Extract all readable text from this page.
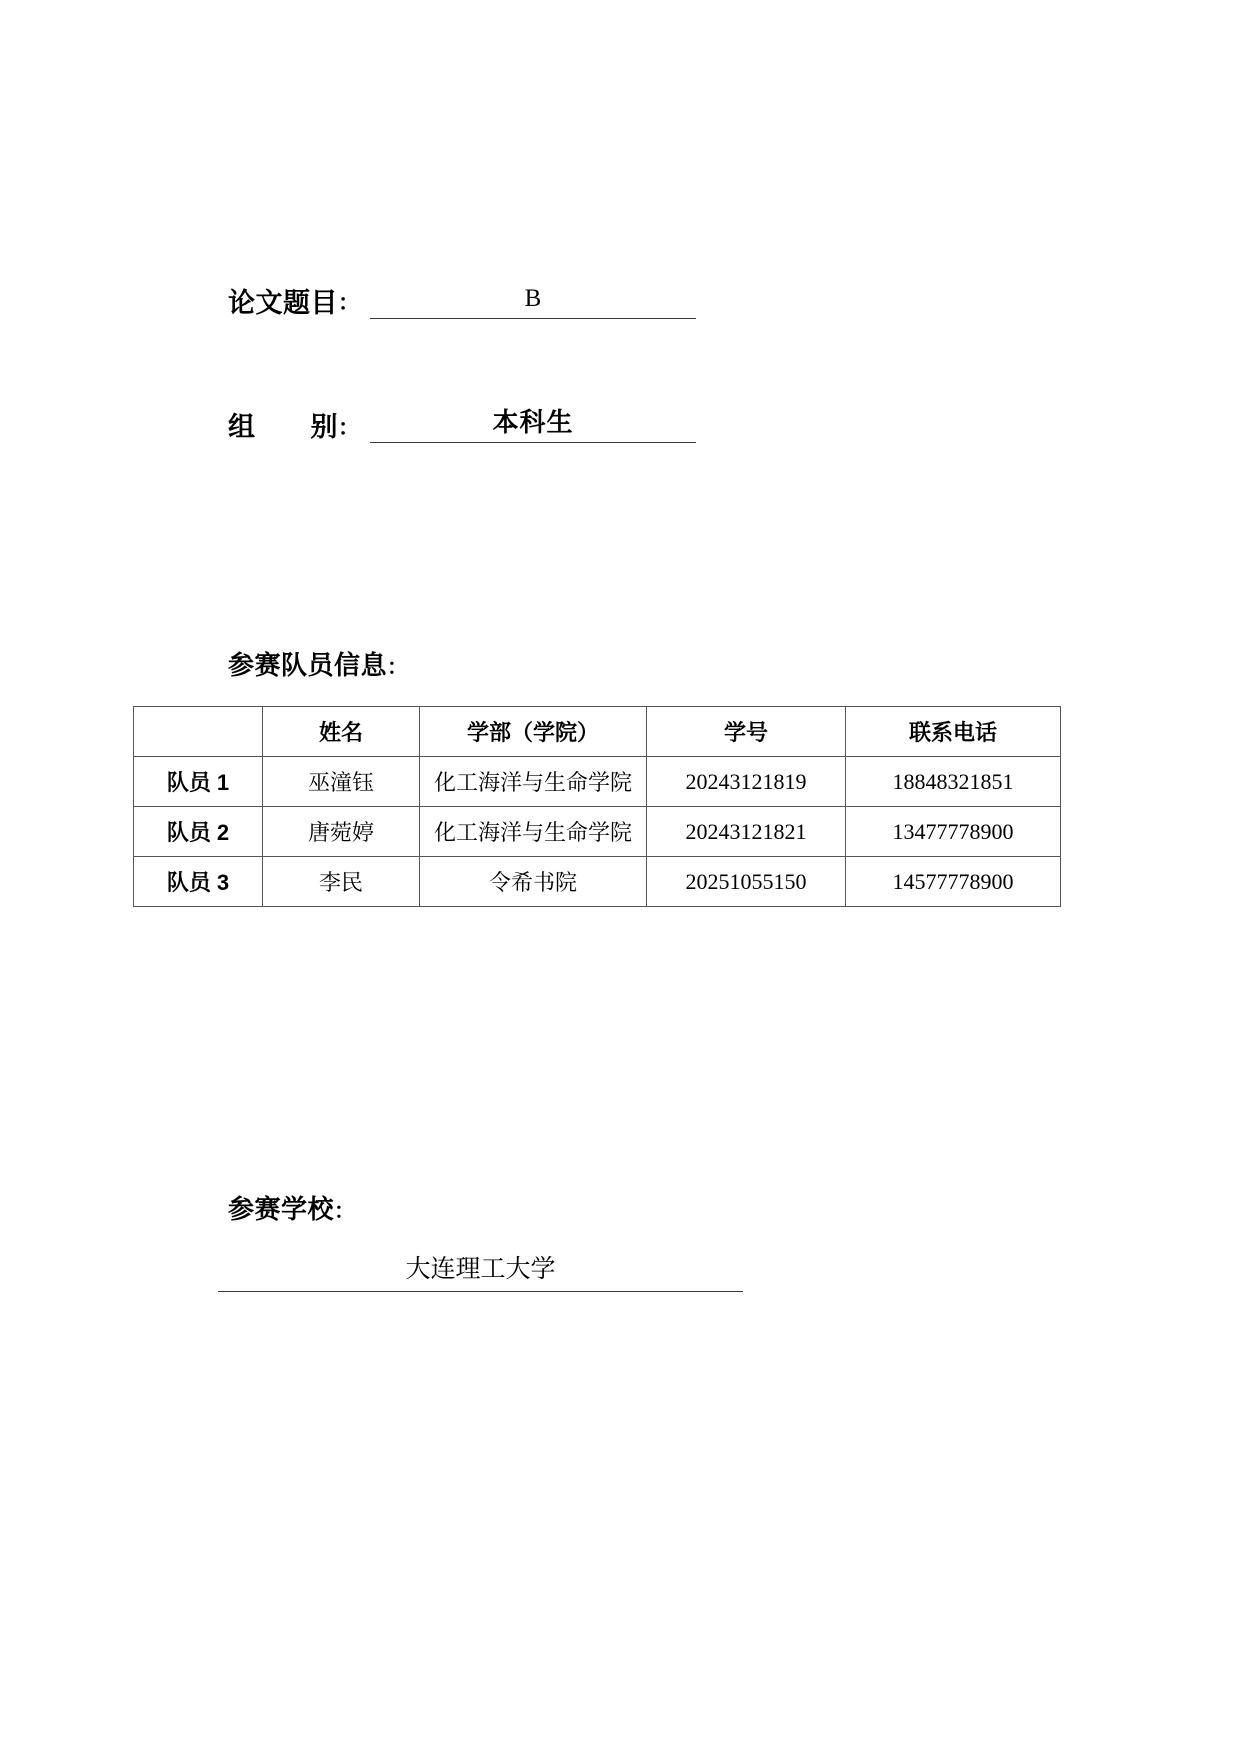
论文题目 ：	B
组　　别 ：	本科生
参赛队员信息 ：
	姓名	学部（学院）	学号	联系电话
队员 1	巫潼钰	化工海洋与生命学院	20243121819	18848321851
队员 2	唐菀婷	化工海洋与生命学院	20243121821	13477778900
队员 3	李民	令希书院	20251055150	14577778900
参赛学校 ：
大连理工大学
